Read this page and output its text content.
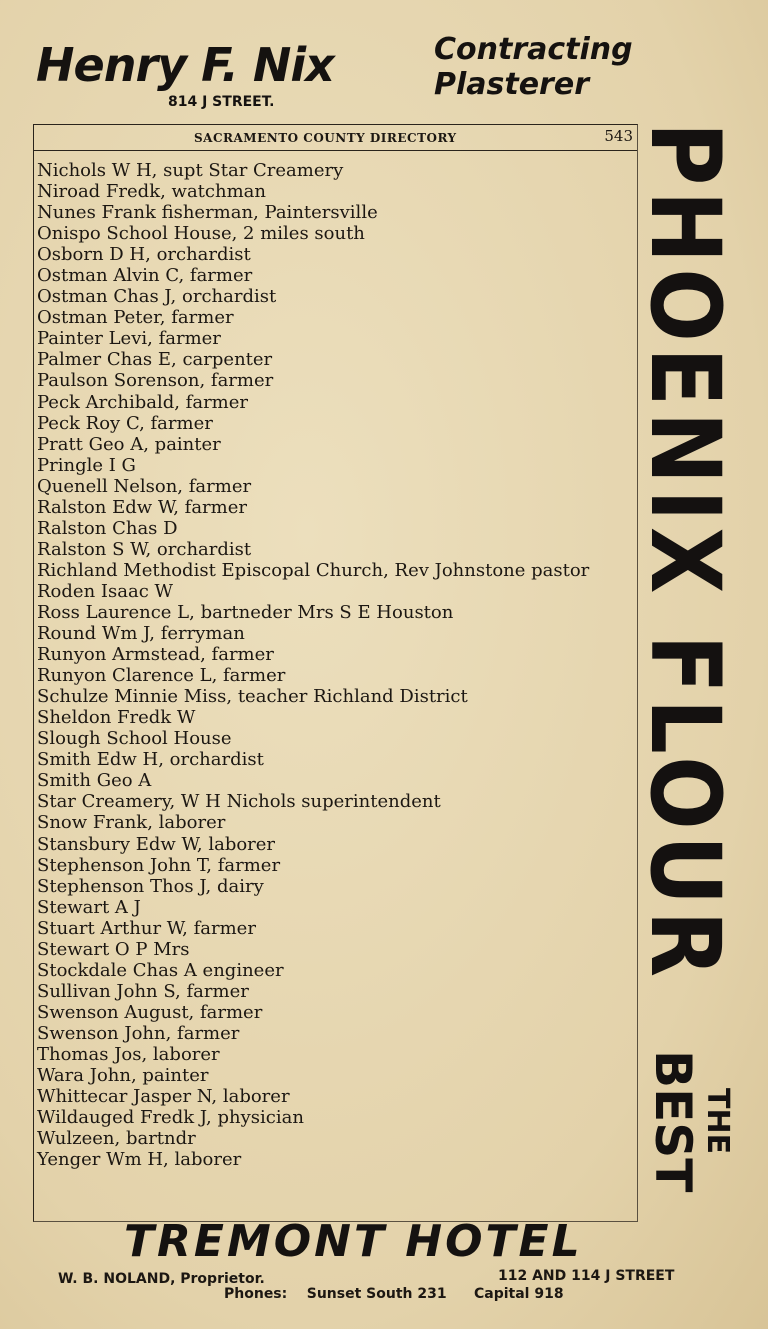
Henry F. Nix
814 J STREET.
Contracting
Plasterer
SACRAMENTO COUNTY DIRECTORY	543
Nichols W H, supt Star Creamery
Niroad Fredk, watchman
Nunes Frank fisherman, Paintersville
Onispo School House, 2 miles south
Osborn D H, orchardist
Ostman Alvin C, farmer
Ostman Chas J, orchardist
Ostman Peter, farmer
Painter Levi, farmer
Palmer Chas E, carpenter
Paulson Sorenson, farmer
Peck Archibald, farmer
Peck Roy C, farmer
Pratt Geo A, painter
Pringle I G
Quenell Nelson, farmer
Ralston Edw W, farmer
Ralston Chas D
Ralston S W, orchardist
Richland Methodist Episcopal Church, Rev Johnstone pastor
Roden Isaac W
Ross Laurence L, bartneder Mrs S E Houston
Round Wm J, ferryman
Runyon Armstead, farmer
Runyon Clarence L, farmer
Schulze Minnie Miss, teacher Richland District
Sheldon Fredk W
Slough School House
Smith Edw H, orchardist
Smith Geo A
Star Creamery, W H Nichols superintendent
Snow Frank, laborer
Stansbury Edw W, laborer
Stephenson John T, farmer
Stephenson Thos J, dairy
Stewart A J
Stuart Arthur W, farmer
Stewart O P Mrs
Stockdale Chas A engineer
Sullivan John S, farmer
Swenson August, farmer
Swenson John, farmer
Thomas Jos, laborer
Wara John, painter
Whittecar Jasper N, laborer
Wildauged Fredk J, physician
Wulzeen, bartndr
Yenger Wm H, laborer
PHOENIX FLOUR
BEST
THE
TREMONT HOTEL
W. B. NOLAND, Proprietor.	112 AND 114 J STREET
Phones: Sunset South 231 Capital 918
